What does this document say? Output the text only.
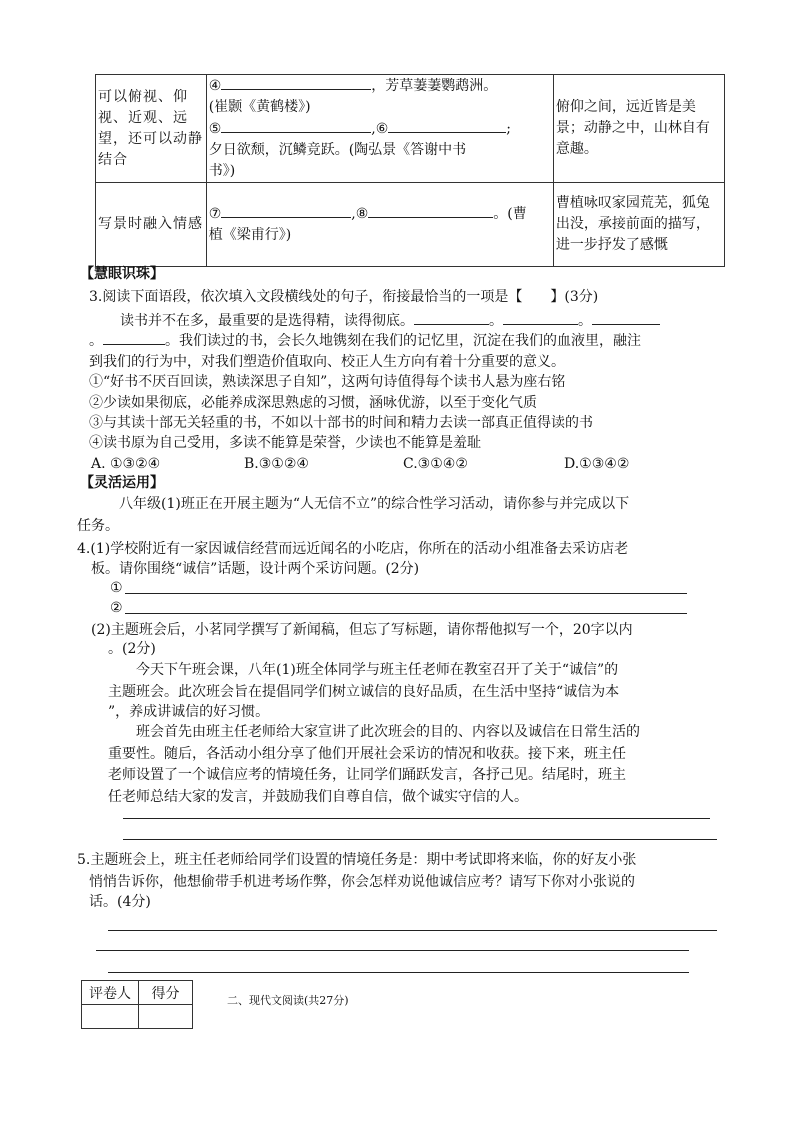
可以俯视、仰视、近观、远望，还可以动静结合	④ ，芳草萋萋鹦鹉洲。
(崔颢《黄鹤楼》)
⑤ ,⑥ ;
夕日欲颓，沉鳞竞跃。(陶弘景《答谢中书
书》)	俯仰之间，远近皆是美景；动静之中，山林自有意趣。

写景时融入情感	⑦ ,⑧ 。(曹
植《梁甫行》)	曹植咏叹家园荒芜，狐兔出没，承接前面的描写，进一步抒发了感慨
【慧眼识珠】
3.阅读下面语段，依次填入文段横线处的句子，衔接最恰当的一项是【　　】(3分)
读书并不在多，最重要的是选得精，读得彻底。	。	。
。	。我们读过的书，会长久地镌刻在我们的记忆里，沉淀在我们的血液里，融注
到我们的行为中，对我们塑造价值取向、校正人生方向有着十分重要的意义。
①“好书不厌百回读，熟读深思子自知”，这两句诗值得每个读书人悬为座右铭
②少读如果彻底，必能养成深思熟虑的习惯，涵咏优游，以至于变化气质
③与其读十部无关轻重的书，不如以十部书的时间和精力去读一部真正值得读的书
④读书原为自己受用，多读不能算是荣誉，少读也不能算是羞耻
A. ①③②④	B.③①②④	C.③①④②	D.①③④②
【灵活运用】
八年级(1)班正在开展主题为“人无信不立”的综合性学习活动，请你参与并完成以下
任务。
4.(1)学校附近有一家因诚信经营而远近闻名的小吃店，你所在的活动小组准备去采访店老
板。请你围绕“诚信”话题，设计两个采访问题。(2分)
①
②
(2)主题班会后，小茗同学撰写了新闻稿，但忘了写标题，请你帮他拟写一个，20字以内
。(2分)
今天下午班会课，八年(1)班全体同学与班主任老师在教室召开了关于“诚信”的
主题班会。此次班会旨在提倡同学们树立诚信的良好品质，在生活中坚持“诚信为本
”，养成讲诚信的好习惯。
班会首先由班主任老师给大家宣讲了此次班会的目的、内容以及诚信在日常生活的
重要性。随后，各活动小组分享了他们开展社会采访的情况和收获。接下来，班主任
老师设置了一个诚信应考的情境任务，让同学们踊跃发言，各抒己见。结尾时，班主
任老师总结大家的发言，并鼓励我们自尊自信，做个诚实守信的人。
5.主题班会上，班主任老师给同学们设置的情境任务是：期中考试即将来临，你的好友小张
悄悄告诉你，他想偷带手机进考场作弊，你会怎样劝说他诚信应考？请写下你对小张说的
话。(4分)
评卷人	得分
		二、现代文阅读(共27分)
